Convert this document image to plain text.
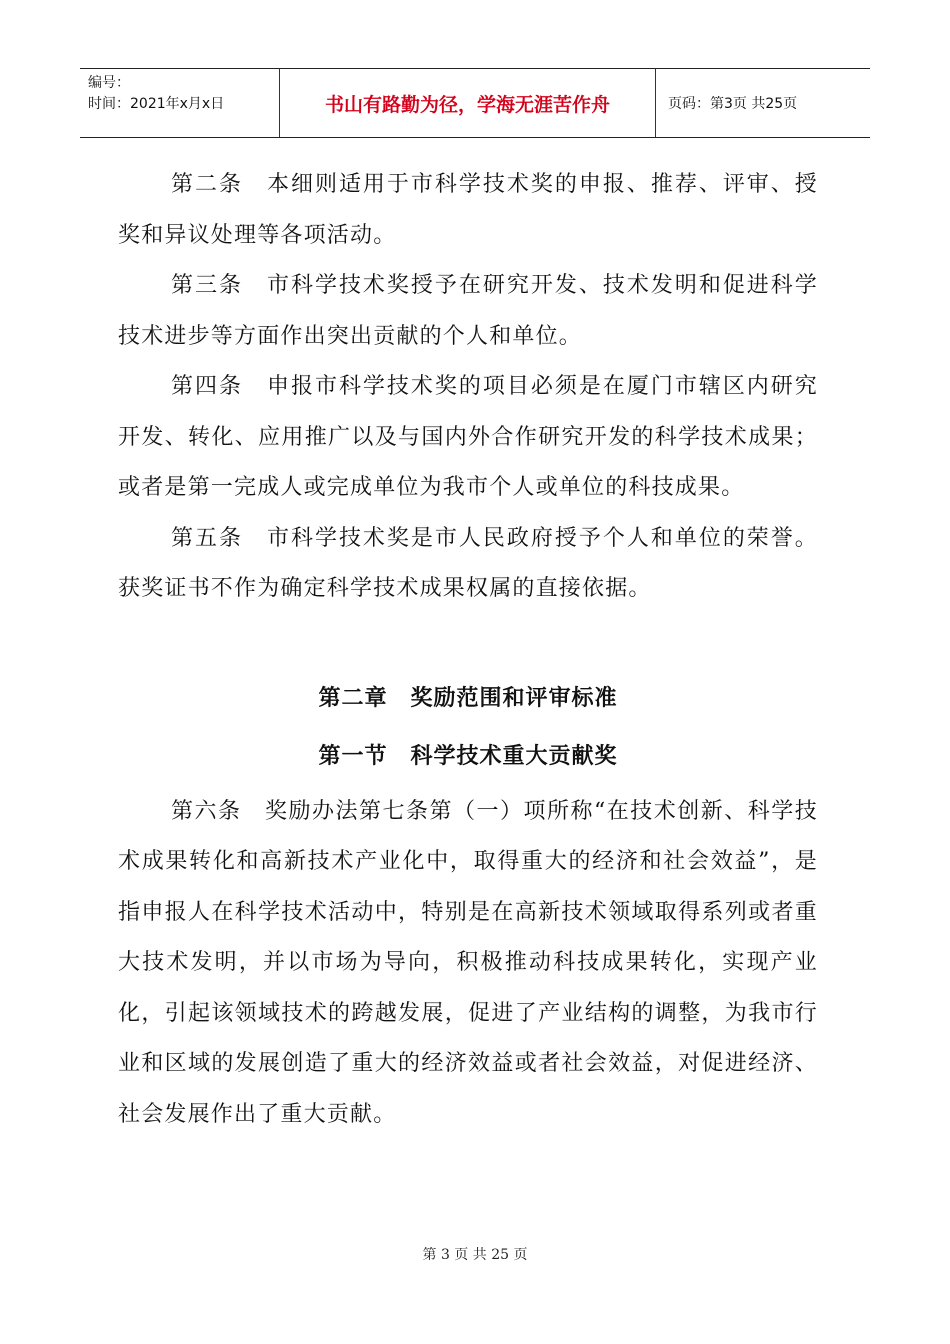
编号：
时间：2021年x月x日	书山有路勤为径，学海无涯苦作舟	页码：第3页 共25页

第二条　本细则适用于市科学技术奖的申报、推荐、评审、授奖和异议处理等各项活动。

第三条　市科学技术奖授予在研究开发、技术发明和促进科学技术进步等方面作出突出贡献的个人和单位。

第四条　申报市科学技术奖的项目必须是在厦门市辖区内研究开发、转化、应用推广以及与国内外合作研究开发的科学技术成果；或者是第一完成人或完成单位为我市个人或单位的科技成果。

第五条　市科学技术奖是市人民政府授予个人和单位的荣誉。获奖证书不作为确定科学技术成果权属的直接依据。

第二章　奖励范围和评审标准

第一节　科学技术重大贡献奖

第六条　奖励办法第七条第（一）项所称“在技术创新、科学技术成果转化和高新技术产业化中，取得重大的经济和社会效益”，是指申报人在科学技术活动中，特别是在高新技术领域取得系列或者重大技术发明，并以市场为导向，积极推动科技成果转化，实现产业化，引起该领域技术的跨越发展，促进了产业结构的调整，为我市行业和区域的发展创造了重大的经济效益或者社会效益，对促进经济、社会发展作出了重大贡献。

第 3 页 共 25 页
